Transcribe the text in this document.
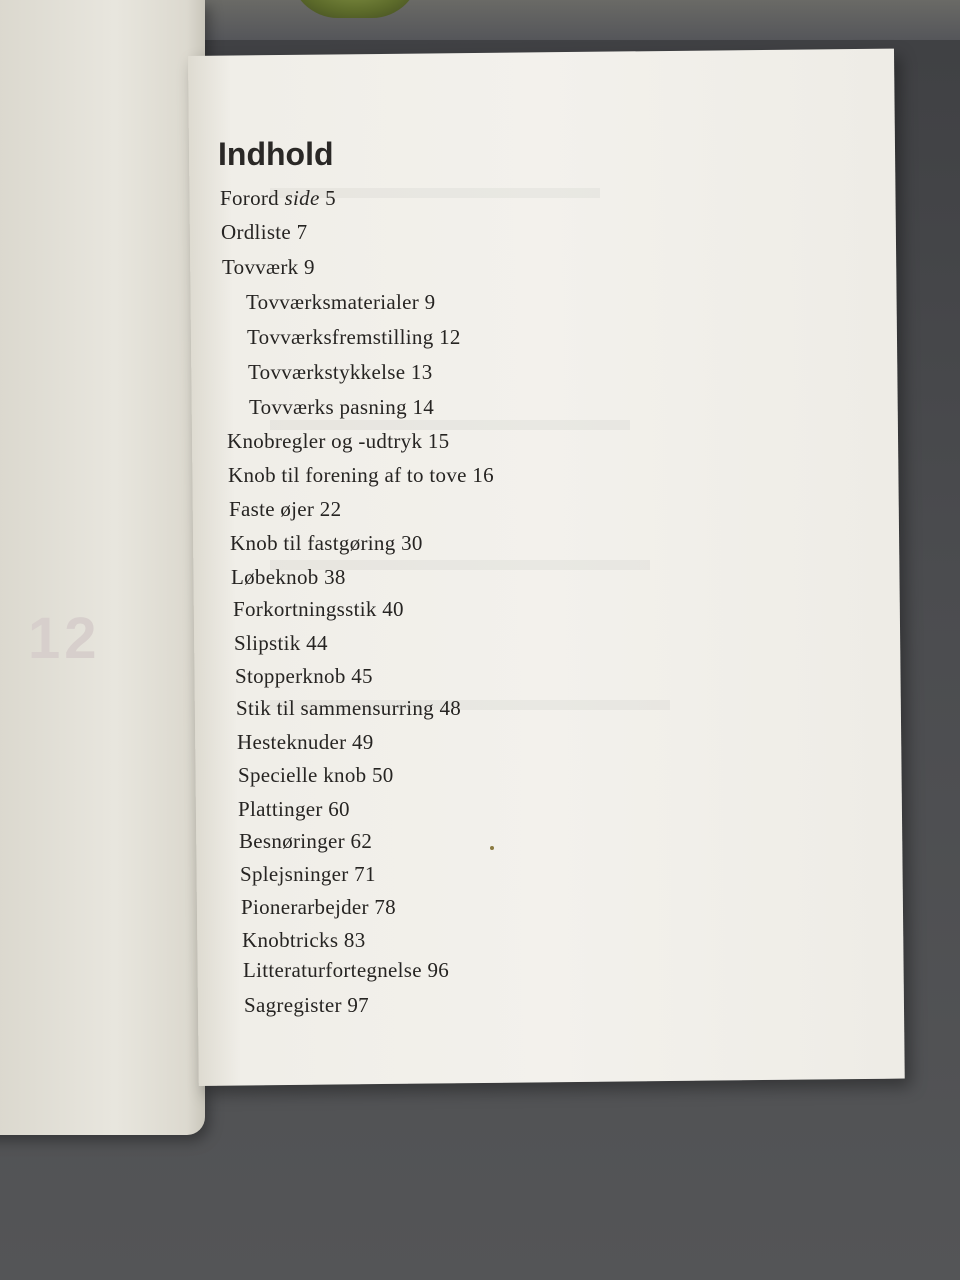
12
Indhold
Forord side 5
Ordliste 7
Tovværk 9
Tovværksmaterialer 9
Tovværksfremstilling 12
Tovværkstykkelse 13
Tovværks pasning 14
Knobregler og -udtryk 15
Knob til forening af to tove 16
Faste øjer 22
Knob til fastgøring 30
Løbeknob 38
Forkortningsstik 40
Slipstik 44
Stopperknob 45
Stik til sammensurring 48
Hesteknuder 49
Specielle knob 50
Plattinger 60
Besnøringer 62
Splejsninger 71
Pionerarbejder 78
Knobtricks 83
Litteraturfortegnelse 96
Sagregister 97
